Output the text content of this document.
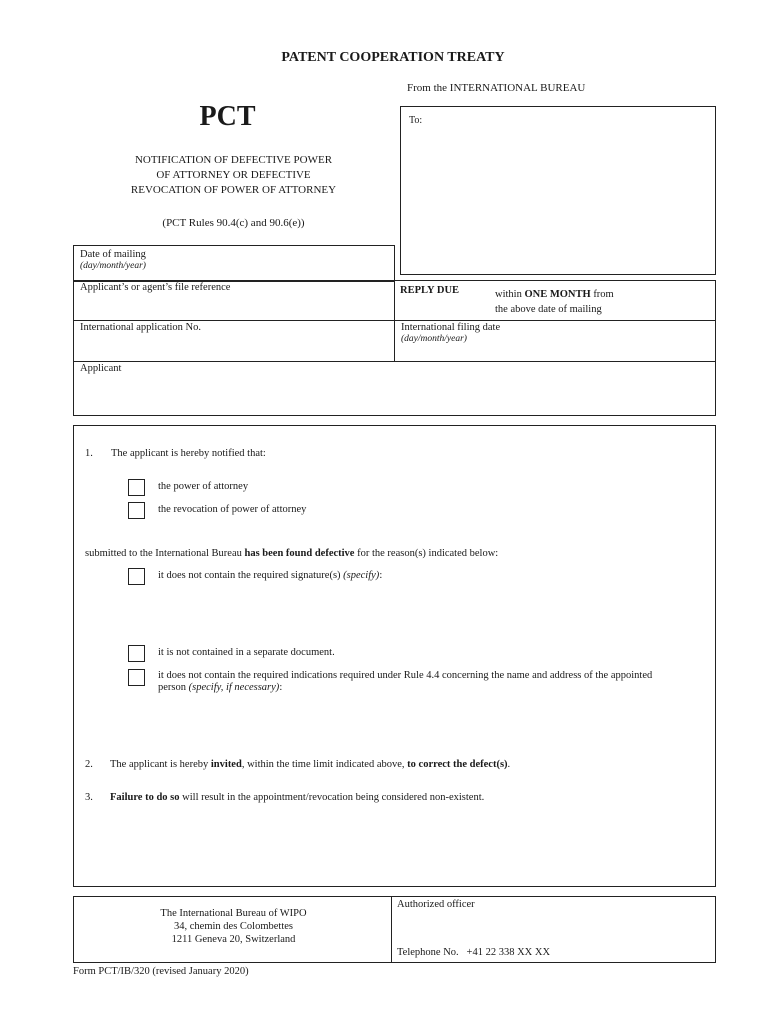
PATENT COOPERATION TREATY
From the INTERNATIONAL BUREAU
PCT
NOTIFICATION OF DEFECTIVE POWER
OF ATTORNEY OR DEFECTIVE
REVOCATION OF POWER OF ATTORNEY
(PCT Rules 90.4(c) and 90.6(e))
To:
Date of mailing
(day/month/year)
Applicant’s or agent’s file reference	REPLY DUE	within ONE MONTH from
the above date of mailing
International application No.	International filing date
(day/month/year)
Applicant
1. The applicant is hereby notified that:
the power of attorney
the revocation of power of attorney
submitted to the International Bureau has been found defective for the reason(s) indicated below:
it does not contain the required signature(s) (specify):
it is not contained in a separate document.
it does not contain the required indications required under Rule 4.4 concerning the name and address of the appointed
person (specify, if necessary):
2. The applicant is hereby invited, within the time limit indicated above, to correct the defect(s).
3. Failure to do so will result in the appointment/revocation being considered non-existent.
The International Bureau of WIPO
34, chemin des Colombettes
1211 Geneva 20, Switzerland
Authorized officer
Telephone No.   +41 22 338 XX XX
Form PCT/IB/320 (revised January 2020)
